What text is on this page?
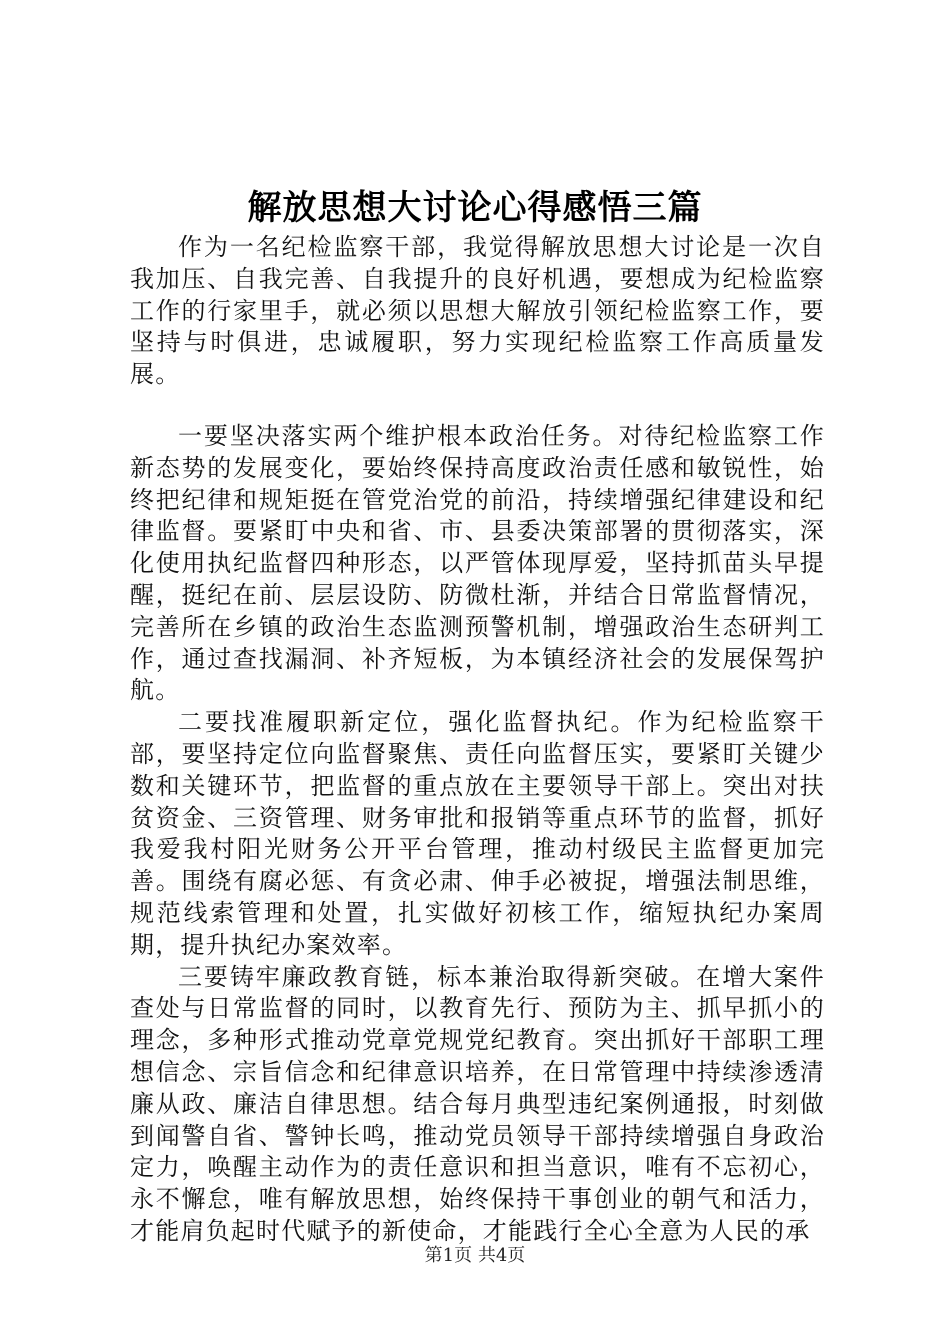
解放思想大讨论心得感悟三篇

作为一名纪检监察干部，我觉得解放思想大讨论是一次自我加压、自我完善、自我提升的良好机遇，要想成为纪检监察工作的行家里手，就必须以思想大解放引领纪检监察工作，要坚持与时俱进，忠诚履职，努力实现纪检监察工作高质量发展。

一要坚决落实两个维护根本政治任务。对待纪检监察工作新态势的发展变化，要始终保持高度政治责任感和敏锐性，始终把纪律和规矩挺在管党治党的前沿，持续增强纪律建设和纪律监督。要紧盯中央和省、市、县委决策部署的贯彻落实，深化使用执纪监督四种形态，以严管体现厚爱，坚持抓苗头早提醒，挺纪在前、层层设防、防微杜渐，并结合日常监督情况，完善所在乡镇的政治生态监测预警机制，增强政治生态研判工作，通过查找漏洞、补齐短板，为本镇经济社会的发展保驾护航。

二要找准履职新定位，强化监督执纪。作为纪检监察干部，要坚持定位向监督聚焦、责任向监督压实，要紧盯关键少数和关键环节，把监督的重点放在主要领导干部上。突出对扶贫资金、三资管理、财务审批和报销等重点环节的监督，抓好我爱我村阳光财务公开平台管理，推动村级民主监督更加完善。围绕有腐必惩、有贪必肃、伸手必被捉，增强法制思维，规范线索管理和处置，扎实做好初核工作，缩短执纪办案周期，提升执纪办案效率。

三要铸牢廉政教育链，标本兼治取得新突破。在增大案件查处与日常监督的同时，以教育先行、预防为主、抓早抓小的理念，多种形式推动党章党规党纪教育。突出抓好干部职工理想信念、宗旨信念和纪律意识培养，在日常管理中持续渗透清廉从政、廉洁自律思想。结合每月典型违纪案例通报，时刻做到闻警自省、警钟长鸣，推动党员领导干部持续增强自身政治定力，唤醒主动作为的责任意识和担当意识，唯有不忘初心，永不懈怠，唯有解放思想，始终保持干事创业的朝气和活力，才能肩负起时代赋予的新使命，才能践行全心全意为人民的承

第1页 共4页
